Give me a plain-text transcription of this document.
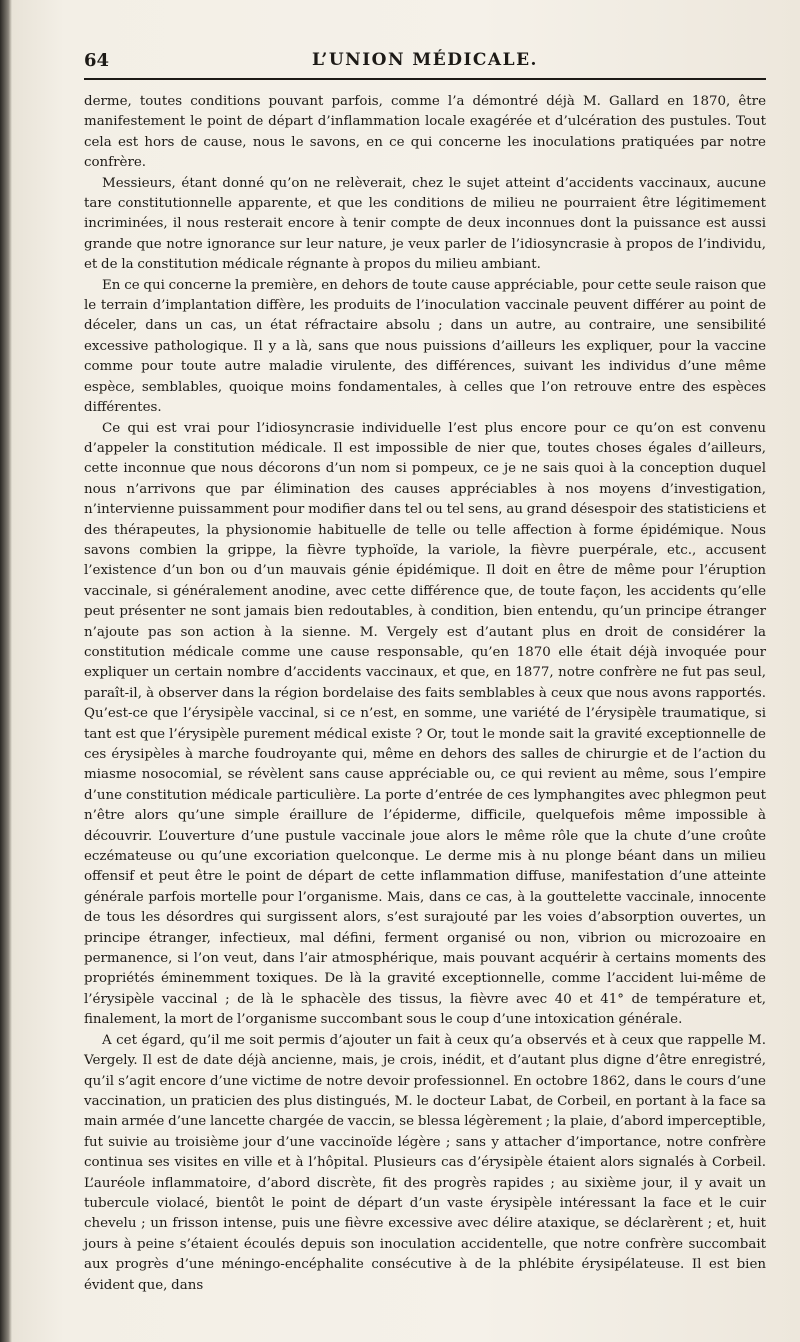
64	L’UNION MÉDICALE.

derme, toutes conditions pouvant parfois, comme l’a démontré déjà M. Gallard en 1870, être manifestement le point de départ d’inflammation locale exagérée et d’ulcération des pustules. Tout cela est hors de cause, nous le savons, en ce qui concerne les inoculations pratiquées par notre confrère.

Messieurs, étant donné qu’on ne relèverait, chez le sujet atteint d’accidents vaccinaux, aucune tare constitutionnelle apparente, et que les conditions de milieu ne pourraient être légitimement incriminées, il nous resterait encore à tenir compte de deux inconnues dont la puissance est aussi grande que notre ignorance sur leur nature, je veux parler de l’idiosyncrasie à propos de l’individu, et de la constitution médicale régnante à propos du milieu ambiant.

En ce qui concerne la première, en dehors de toute cause appréciable, pour cette seule raison que le terrain d’implantation diffère, les produits de l’inoculation vaccinale peuvent différer au point de déceler, dans un cas, un état réfractaire absolu ; dans un autre, au contraire, une sensibilité excessive pathologique. Il y a là, sans que nous puissions d’ailleurs les expliquer, pour la vaccine comme pour toute autre maladie virulente, des différences, suivant les individus d’une même espèce, semblables, quoique moins fondamentales, à celles que l’on retrouve entre des espèces différentes.

Ce qui est vrai pour l’idiosyncrasie individuelle l’est plus encore pour ce qu’on est convenu d’appeler la constitution médicale. Il est impossible de nier que, toutes choses égales d’ailleurs, cette inconnue que nous décorons d’un nom si pompeux, ce je ne sais quoi à la conception duquel nous n’arrivons que par élimination des causes appréciables à nos moyens d’investigation, n’intervienne puissamment pour modifier dans tel ou tel sens, au grand désespoir des statisticiens et des thérapeutes, la physionomie habituelle de telle ou telle affection à forme épidémique. Nous savons combien la grippe, la fièvre typhoïde, la variole, la fièvre puerpérale, etc., accusent l’existence d’un bon ou d’un mauvais génie épidémique. Il doit en être de même pour l’éruption vaccinale, si généralement anodine, avec cette différence que, de toute façon, les accidents qu’elle peut présenter ne sont jamais bien redoutables, à condition, bien entendu, qu’un principe étranger n’ajoute pas son action à la sienne. M. Vergely est d’autant plus en droit de considérer la constitution médicale comme une cause responsable, qu’en 1870 elle était déjà invoquée pour expliquer un certain nombre d’accidents vaccinaux, et que, en 1877, notre confrère ne fut pas seul, paraît-il, à observer dans la région bordelaise des faits semblables à ceux que nous avons rapportés. Qu’est-ce que l’érysipèle vaccinal, si ce n’est, en somme, une variété de l’érysipèle traumatique, si tant est que l’érysipèle purement médical existe ? Or, tout le monde sait la gravité exceptionnelle de ces érysipèles à marche foudroyante qui, même en dehors des salles de chirurgie et de l’action du miasme nosocomial, se révèlent sans cause appréciable ou, ce qui revient au même, sous l’empire d’une constitution médicale particulière. La porte d’entrée de ces lymphangites avec phlegmon peut n’être alors qu’une simple éraillure de l’épiderme, difficile, quelquefois même impossible à découvrir. L’ouverture d’une pustule vaccinale joue alors le même rôle que la chute d’une croûte eczémateuse ou qu’une excoriation quelconque. Le derme mis à nu plonge béant dans un milieu offensif et peut être le point de départ de cette inflammation diffuse, manifestation d’une atteinte générale parfois mortelle pour l’organisme. Mais, dans ce cas, à la gouttelette vaccinale, innocente de tous les désordres qui surgissent alors, s’est surajouté par les voies d’absorption ouvertes, un principe étranger, infectieux, mal défini, ferment organisé ou non, vibrion ou microzoaire en permanence, si l’on veut, dans l’air atmosphérique, mais pouvant acquérir à certains moments des propriétés éminemment toxiques. De là la gravité exceptionnelle, comme l’accident lui-même de l’érysipèle vaccinal ; de là le sphacèle des tissus, la fièvre avec 40 et 41° de température et, finalement, la mort de l’organisme succombant sous le coup d’une intoxication générale.

A cet égard, qu’il me soit permis d’ajouter un fait à ceux qu’a observés et à ceux que rappelle M. Vergely. Il est de date déjà ancienne, mais, je crois, inédit, et d’autant plus digne d’être enregistré, qu’il s’agit encore d’une victime de notre devoir professionnel. En octobre 1862, dans le cours d’une vaccination, un praticien des plus distingués, M. le docteur Labat, de Corbeil, en portant à la face sa main armée d’une lancette chargée de vaccin, se blessa légèrement ; la plaie, d’abord imperceptible, fut suivie au troisième jour d’une vaccinoïde légère ; sans y attacher d’importance, notre confrère continua ses visites en ville et à l’hôpital. Plusieurs cas d’érysipèle étaient alors signalés à Corbeil. L’auréole inflammatoire, d’abord discrète, fit des progrès rapides ; au sixième jour, il y avait un tubercule violacé, bientôt le point de départ d’un vaste érysipèle intéressant la face et le cuir chevelu ; un frisson intense, puis une fièvre excessive avec délire ataxique, se déclarèrent ; et, huit jours à peine s’étaient écoulés depuis son inoculation accidentelle, que notre confrère succombait aux progrès d’une méningo-encéphalite consécutive à de la phlébite érysipélateuse. Il est bien évident que, dans
